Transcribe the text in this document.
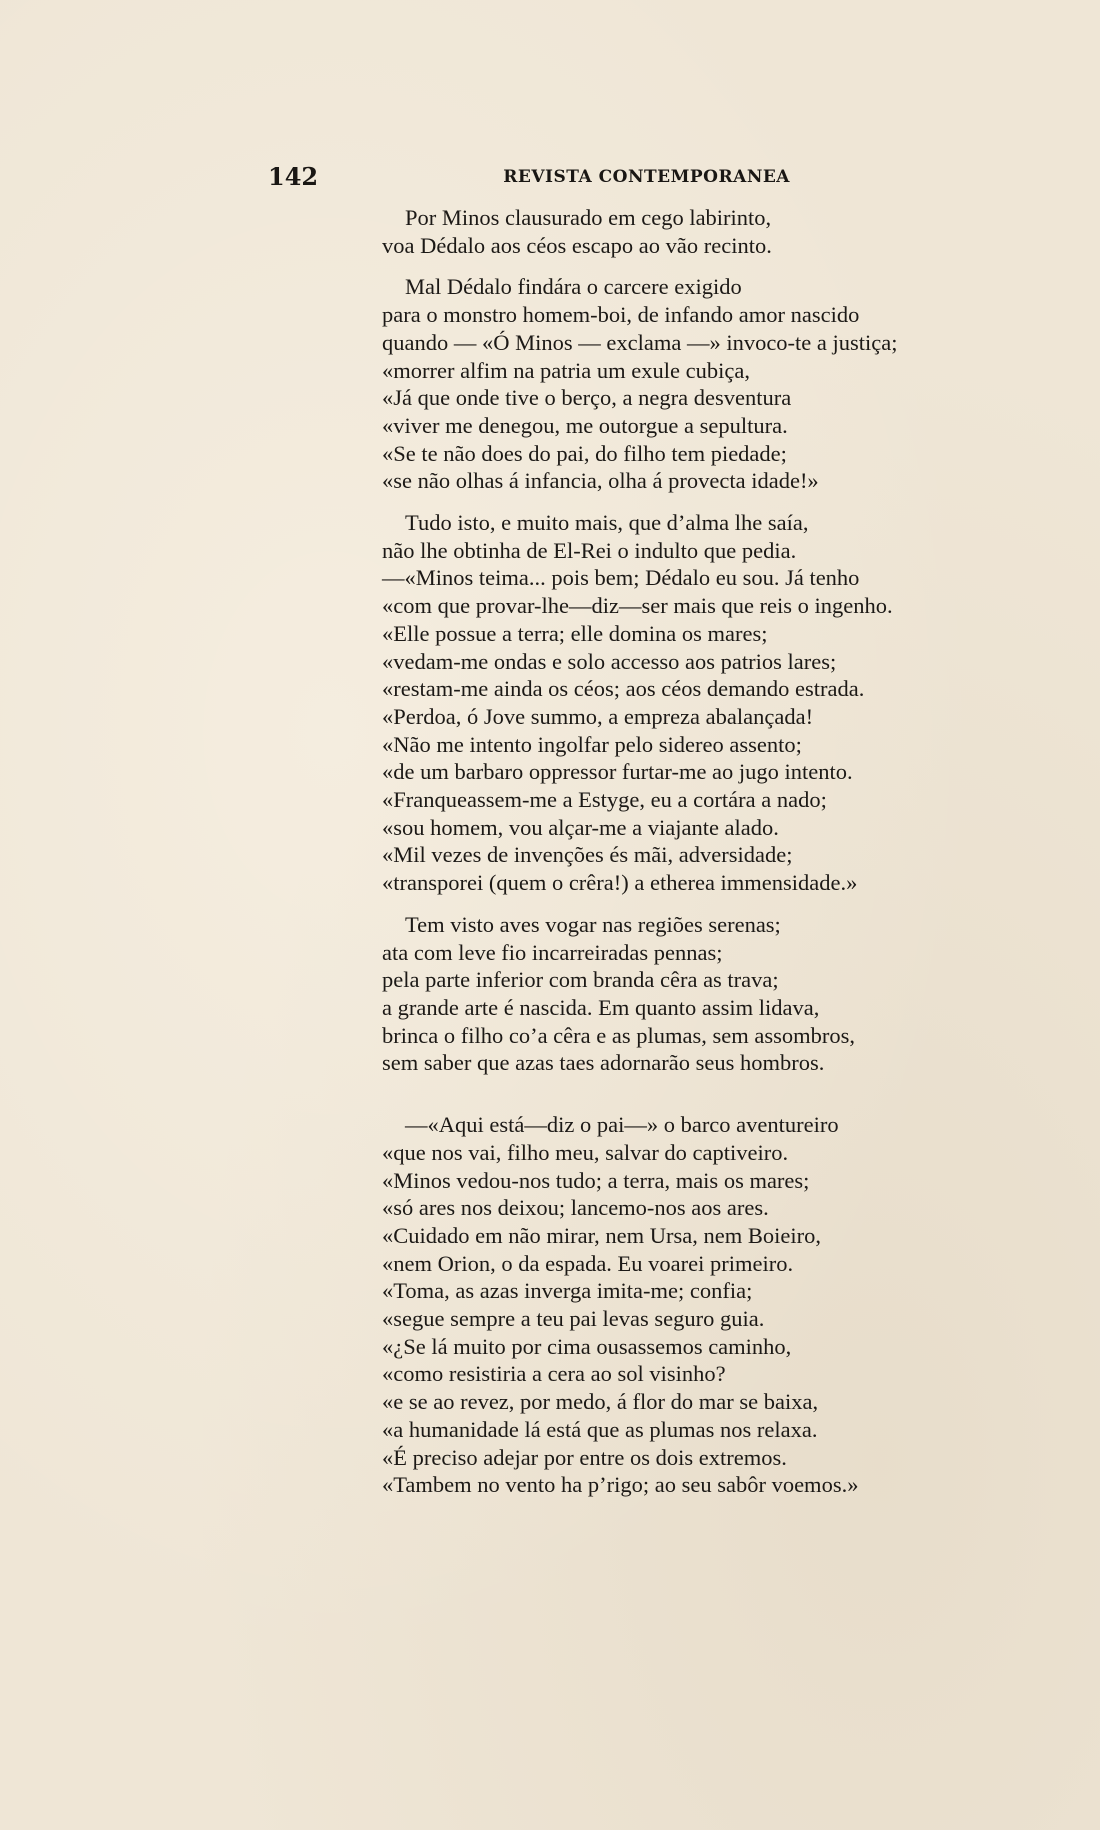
142	REVISTA CONTEMPORANEA
Por Minos clausurado em cego labirinto,
voa Dédalo aos céos escapo ao vão recinto.
Mal Dédalo findára o carcere exigido
para o monstro homem-boi, de infando amor nascido
quando — «Ó Minos — exclama —» invoco-te a justiça;
«morrer alfim na patria um exule cubiça,
«Já que onde tive o berço, a negra desventura
«viver me denegou, me outorgue a sepultura.
«Se te não does do pai, do filho tem piedade;
«se não olhas á infancia, olha á provecta idade!»
Tudo isto, e muito mais, que d’alma lhe saía,
não lhe obtinha de El-Rei o indulto que pedia.
—«Minos teima... pois bem; Dédalo eu sou. Já tenho
«com que provar-lhe—diz—ser mais que reis o ingenho.
«Elle possue a terra; elle domina os mares;
«vedam-me ondas e solo accesso aos patrios lares;
«restam-me ainda os céos; aos céos demando estrada.
«Perdoa, ó Jove summo, a empreza abalançada!
«Não me intento ingolfar pelo sidereo assento;
«de um barbaro oppressor furtar-me ao jugo intento.
«Franqueassem-me a Estyge, eu a cortára a nado;
«sou homem, vou alçar-me a viajante alado.
«Mil vezes de invenções és mãi, adversidade;
«transporei (quem o crêra!) a etherea immensidade.»
Tem visto aves vogar nas regiões serenas;
ata com leve fio incarreiradas pennas;
pela parte inferior com branda cêra as trava;
a grande arte é nascida. Em quanto assim lidava,
brinca o filho co’a cêra e as plumas, sem assombros,
sem saber que azas taes adornarão seus hombros.
—«Aqui está—diz o pai—» o barco aventureiro
«que nos vai, filho meu, salvar do captiveiro.
«Minos vedou-nos tudo; a terra, mais os mares;
«só ares nos deixou; lancemo-nos aos ares.
«Cuidado em não mirar, nem Ursa, nem Boieiro,
«nem Orion, o da espada. Eu voarei primeiro.
«Toma, as azas inverga imita-me; confia;
«segue sempre a teu pai levas seguro guia.
«¿Se lá muito por cima ousassemos caminho,
«como resistiria a cera ao sol visinho?
«e se ao revez, por medo, á flor do mar se baixa,
«a humanidade lá está que as plumas nos relaxa.
«É preciso adejar por entre os dois extremos.
«Tambem no vento ha p’rigo; ao seu sabôr voemos.»
